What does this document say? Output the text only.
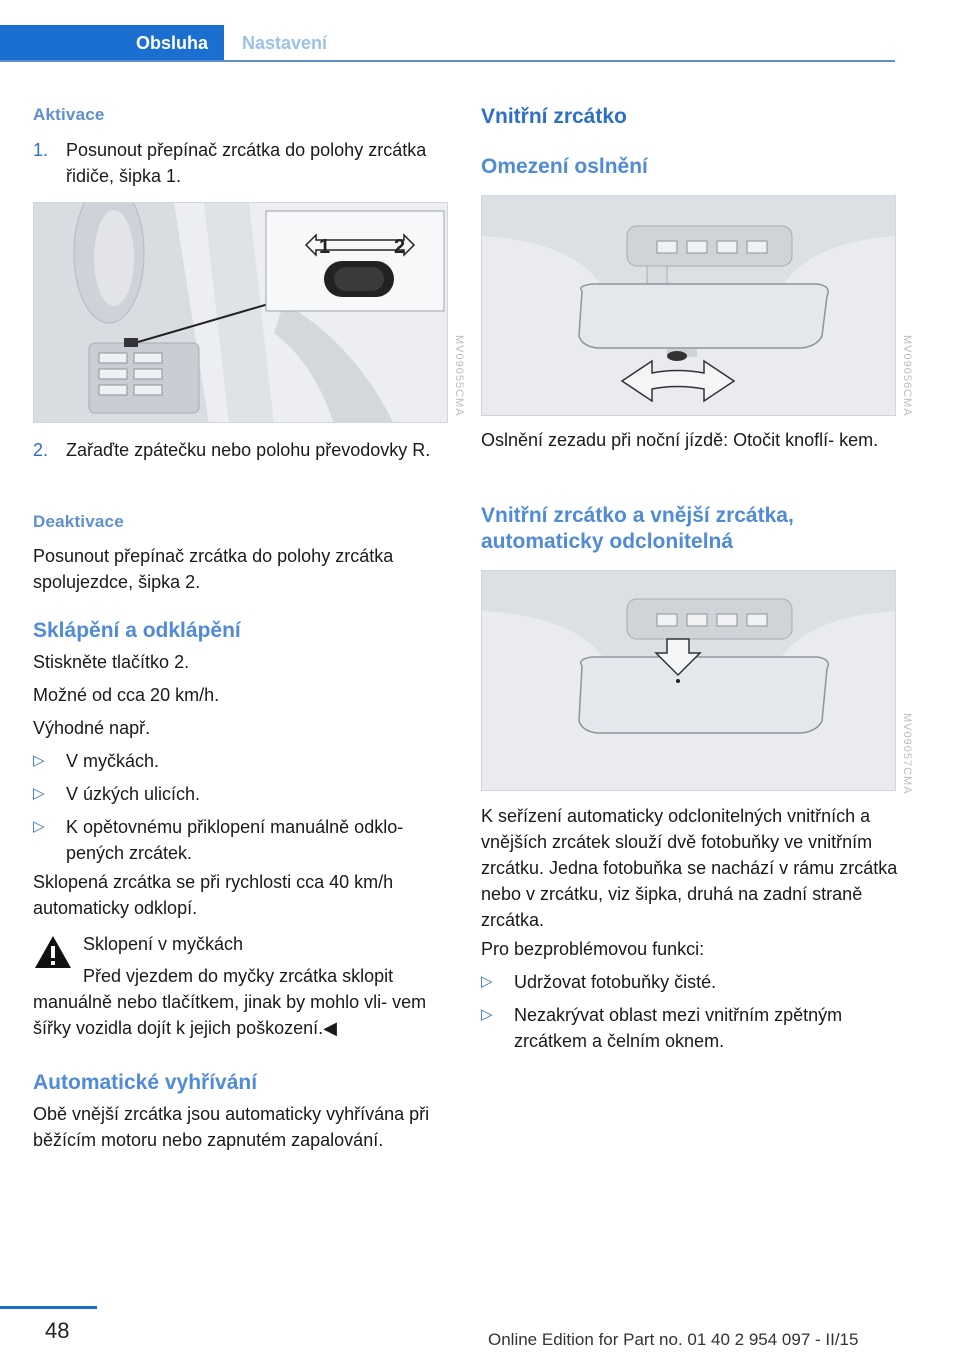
Obsluha	Nastavení
Aktivace
1. Posunout přepínač zrcátka do polohy zrcátka řidiče, šipka 1.
1	2
MV09055CMA
2. Zařaďte zpátečku nebo polohu převodovky R.
Deaktivace
Posunout přepínač zrcátka do polohy zrcátka spolujezdce, šipka 2.
Sklápění a odklápění
Stiskněte tlačítko 2.
Možné od cca 20 km/h.
Výhodné např.
▷ V myčkách.
▷ V úzkých ulicích.
▷ K opětovnému přiklopení manuálně odklo‐ pených zrcátek.
Sklopená zrcátka se při rychlosti cca 40 km/h automaticky odklopí.
Sklopení v myčkách
Před vjezdem do myčky zrcátka sklopit manuálně nebo tlačítkem, jinak by mohlo vli‐ vem šířky vozidla dojít k jejich poškození.◀
Automatické vyhřívání
Obě vnější zrcátka jsou automaticky vyhřívána při běžícím motoru nebo zapnutém zapalování.
Vnitřní zrcátko
Omezení oslnění
MV09056CMA
Oslnění zezadu při noční jízdě: Otočit knoflí‐ kem.
Vnitřní zrcátko a vnější zrcátka, automaticky odclonitelná
MV09057CMA
K seřízení automaticky odclonitelných vnitřních a vnějších zrcátek slouží dvě fotobuňky ve vnitřním zrcátku. Jedna fotobuňka se nachází v rámu zrcátka nebo v zrcátku, viz šipka, druhá na zadní straně zrcátka.
Pro bezproblémovou funkci:
▷ Udržovat fotobuňky čisté.
▷ Nezakrývat oblast mezi vnitřním zpětným zrcátkem a čelním oknem.
48	Online Edition for Part no. 01 40 2 954 097 - II/15
